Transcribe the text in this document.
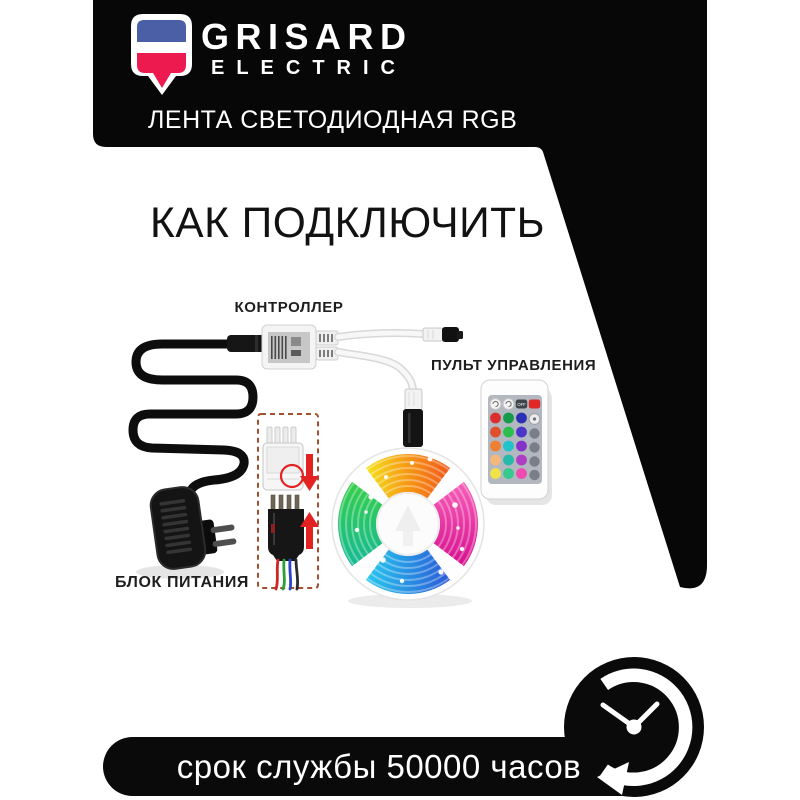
OFF
GRISARD
ELECTRIC
ЛЕНТА СВЕТОДИОДНАЯ RGB
КАК ПОДКЛЮЧИТЬ
КОНТРОЛЛЕР
ПУЛЬТ УПРАВЛЕНИЯ
БЛОК ПИТАНИЯ
срок службы 50000 часов
